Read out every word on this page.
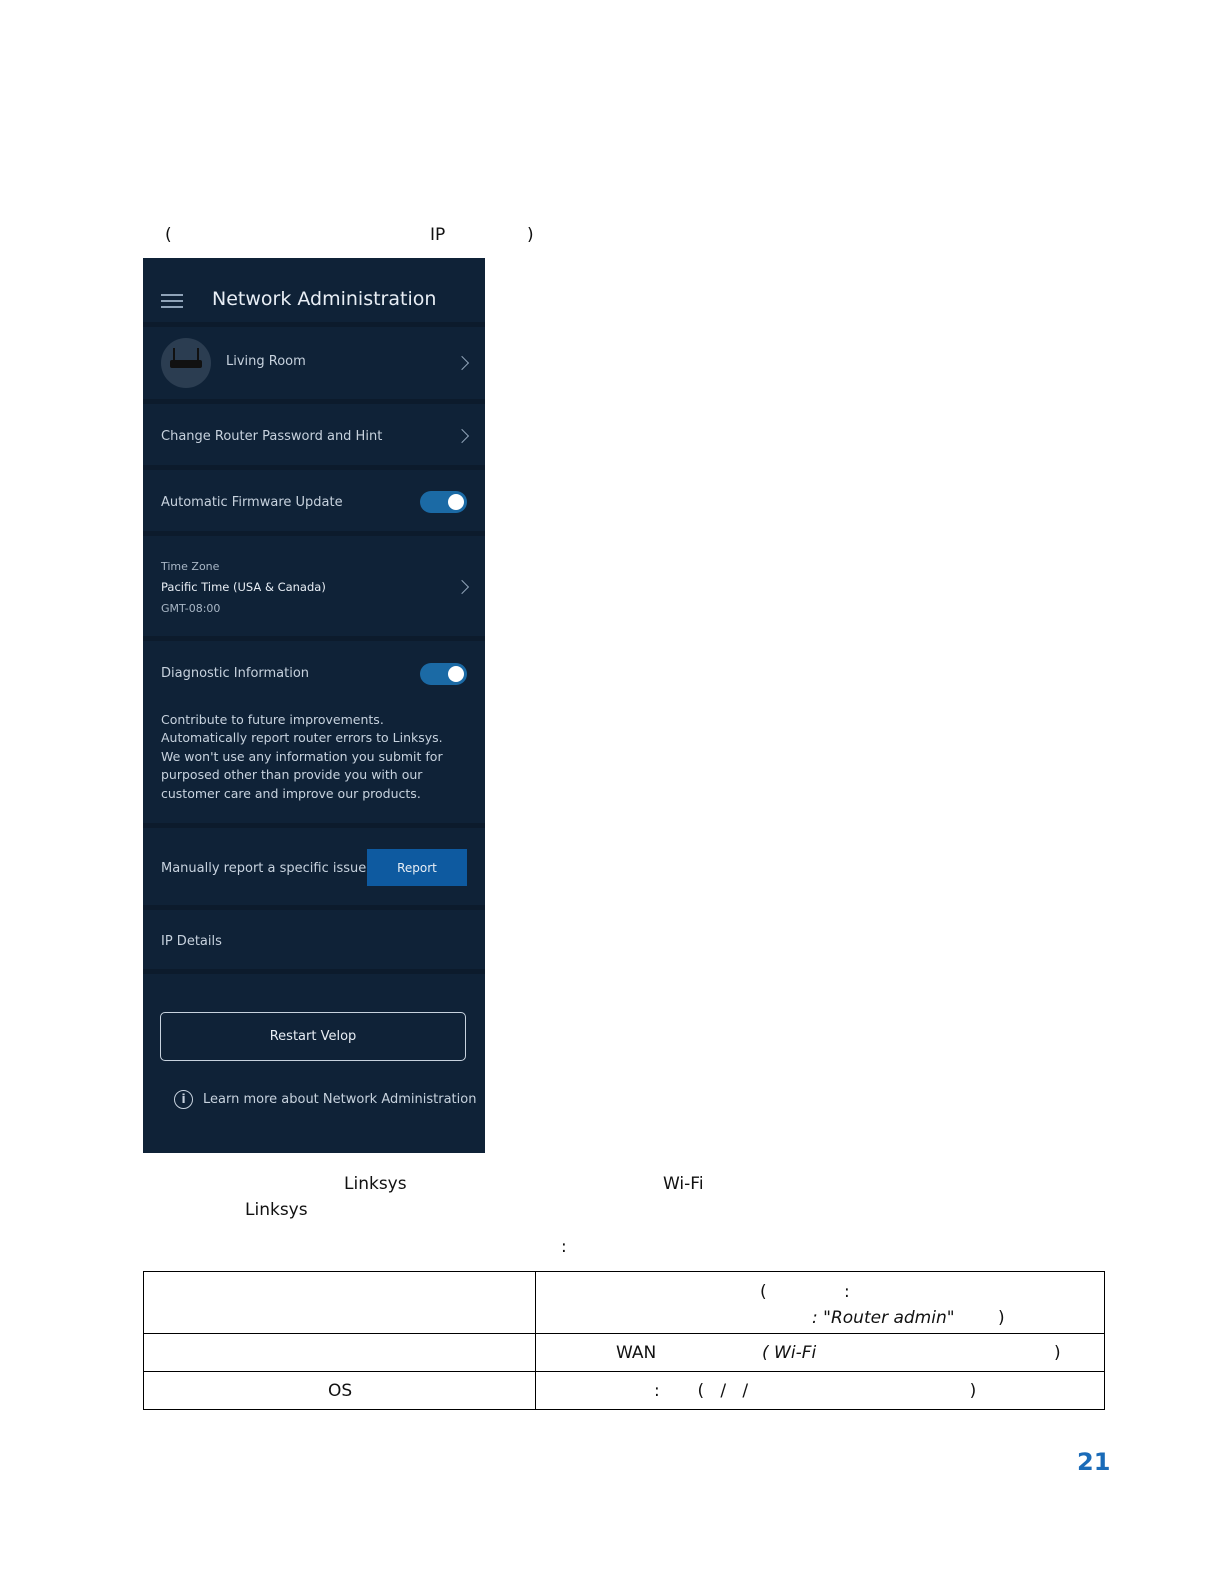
(	IP	)
Network Administration
Living Room
Change Router Password and Hint
Automatic Firmware Update
Time Zone
Pacific Time (USA & Canada)
GMT-08:00
Diagnostic Information
Contribute to future improvements.
Automatically report router errors to Linksys.
We won't use any information you submit for
purposed other than provide you with our
customer care and improve our products.
Manually report a specific issue	Report
IP Details
Restart Velop
i	Learn more about Network Administration
Linksys	Wi-Fi
Linksys
:

	( :
: "Router admin" )

	WAN ( Wi-Fi )

OS	:       (   /   /                                         )
21
